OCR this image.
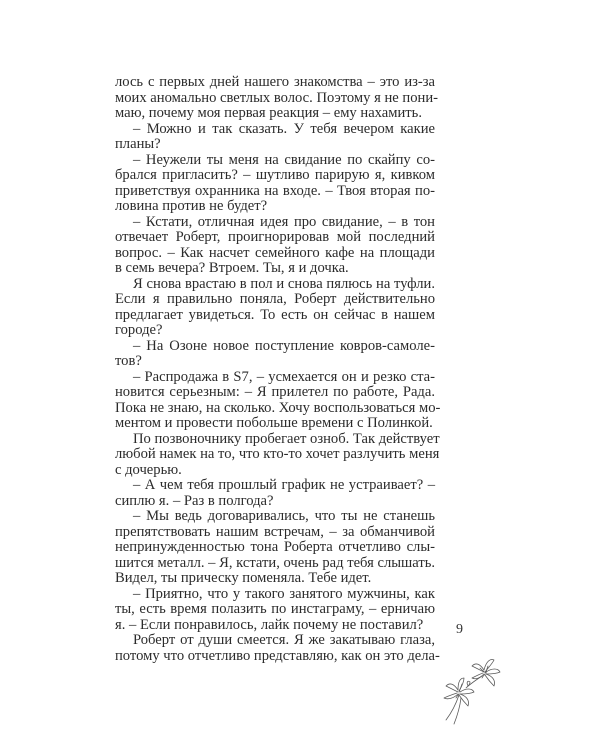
лось с первых дней нашего знакомства – это из-за
моих аномально светлых волос. Поэтому я не пони-
маю, почему моя первая реакция – ему нахамить.
– Можно и так сказать. У тебя вечером какие
планы?
– Неужели ты меня на свидание по скайпу со-
брался пригласить? – шутливо парирую я, кивком
приветствуя охранника на входе. – Твоя вторая по-
ловина против не будет?
– Кстати, отличная идея про свидание, – в тон
отвечает Роберт, проигнорировав мой последний
вопрос. – Как насчет семейного кафе на площади
в семь вечера? Втроем. Ты, я и дочка.
Я снова врастаю в пол и снова пялюсь на туфли.
Если я правильно поняла, Роберт действительно
предлагает увидеться. То есть он сейчас в нашем
городе?
– На Озоне новое поступление ковров-самоле-
тов?
– Распродажа в S7, – усмехается он и резко ста-
новится серьезным: – Я прилетел по работе, Рада.
Пока не знаю, на сколько. Хочу воспользоваться мо-
ментом и провести побольше времени с Полинкой.
По позвоночнику пробегает озноб. Так действует
любой намек на то, что кто-то хочет разлучить меня
с дочерью.
– А чем тебя прошлый график не устраивает? –
сиплю я. – Раз в полгода?
– Мы ведь договаривались, что ты не станешь
препятствовать нашим встречам, – за обманчивой
непринужденностью тона Роберта отчетливо слы-
шится металл. – Я, кстати, очень рад тебя слышать.
Видел, ты прическу поменяла. Тебе идет.
– Приятно, что у такого занятого мужчины, как
ты, есть время полазить по инстаграму, – ерничаю
я. – Если понравилось, лайк почему не поставил?
Роберт от души смеется. Я же закатываю глаза,
потому что отчетливо представляю, как он это дела-
9
